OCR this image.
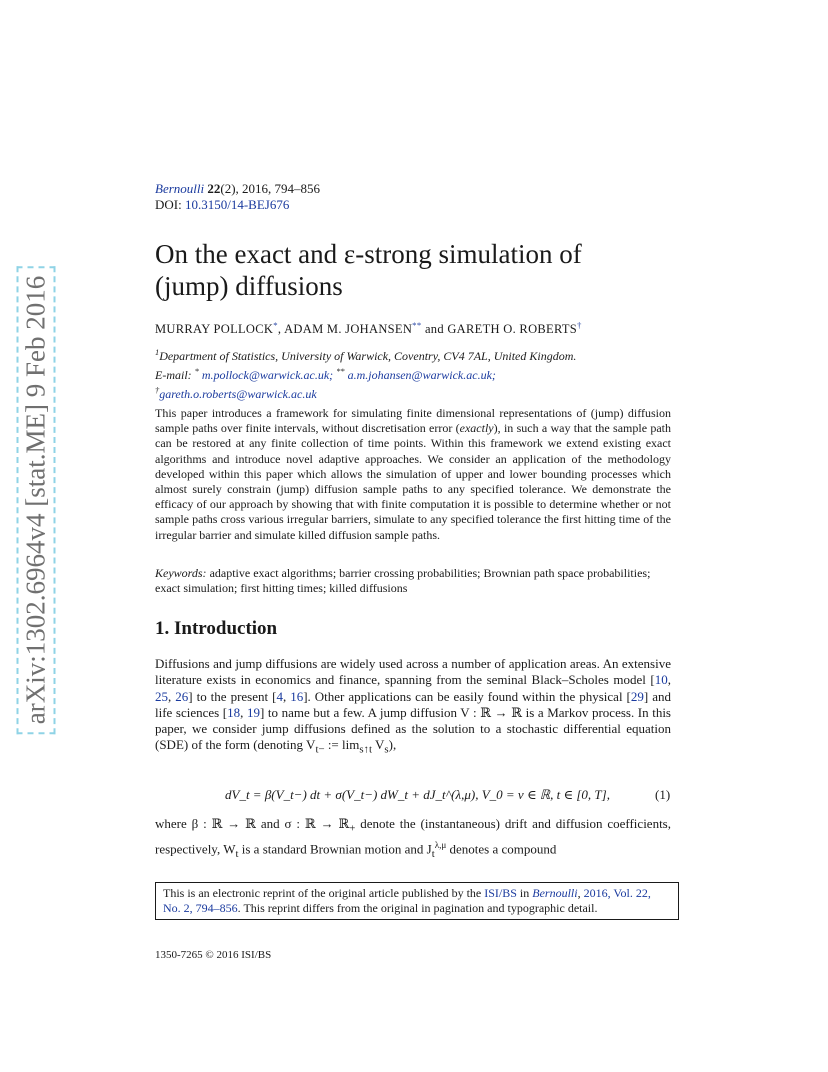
arXiv:1302.6964v4 [stat.ME] 9 Feb 2016
Bernoulli 22(2), 2016, 794–856
DOI: 10.3150/14-BEJ676
On the exact and ε-strong simulation of
(jump) diffusions
MURRAY POLLOCK*, ADAM M. JOHANSEN** and GARETH O. ROBERTS†
$^1$Department of Statistics, University of Warwick, Coventry, CV4 7AL, United Kingdom.
E-mail: * m.pollock@warwick.ac.uk; ** a.m.johansen@warwick.ac.uk;
†gareth.o.roberts@warwick.ac.uk

This paper introduces a framework for simulating finite dimensional representations of (jump) diffusion sample paths over finite intervals, without discretisation error (exactly), in such a way that the sample path can be restored at any finite collection of time points. Within this framework we extend existing exact algorithms and introduce novel adaptive approaches. We consider an application of the methodology developed within this paper which allows the simulation of upper and lower bounding processes which almost surely constrain (jump) diffusion sample paths to any specified tolerance. We demonstrate the efficacy of our approach by showing that with finite computation it is possible to determine whether or not sample paths cross various irregular barriers, simulate to any specified tolerance the first hitting time of the irregular barrier and simulate killed diffusion sample paths.

Keywords: adaptive exact algorithms; barrier crossing probabilities; Brownian path space probabilities; exact simulation; first hitting times; killed diffusions

1. Introduction

Diffusions and jump diffusions are widely used across a number of application areas. An extensive literature exists in economics and finance, spanning from the seminal Black–Scholes model [10, 25, 26] to the present [4, 16]. Other applications can be easily found within the physical [29] and life sciences [18, 19] to name but a few. A jump diffusion V : ℝ → ℝ is a Markov process. In this paper, we consider jump diffusions defined as the solution to a stochastic differential equation (SDE) of the form (denoting $V_{t-}$ := $\lim_{s↑t} V_s$),

dV_t = β(V_t−) dt + σ(V_t−) dW_t + dJ_t^(λ,μ), V_0 = v ∈ ℝ, t ∈ [0, T],	(1)

where β : ℝ → ℝ and σ : ℝ → ℝ$_+$ denote the (instantaneous) drift and diffusion coefficients, respectively, $W_t$ is a standard Brownian motion and $J_t^{\lambda,\mu}$ denotes a compound

This is an electronic reprint of the original article published by the ISI/BS in Bernoulli, 2016, Vol. 22, No. 2, 794–856. This reprint differs from the original in pagination and typographic detail.

1350-7265 © 2016 ISI/BS
